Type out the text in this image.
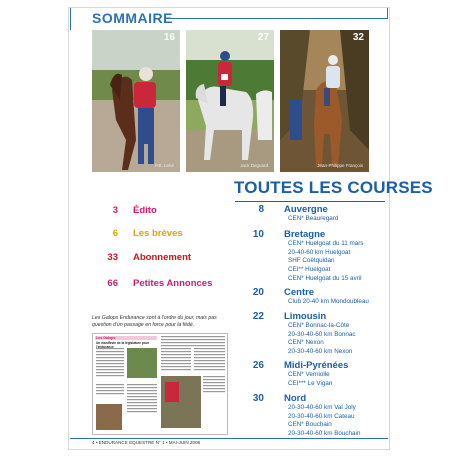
SOMMAIRE
16
P.B. Lehé
27
Jack Deguard
32
Jean-Philippe François
TOUTES LES COURSES
3 Édito
6 Les brèves
33 Abonnement
66 Petites Annonces
8 Auvergne
CEN* Beauregard
10 Bretagne
CEN* Huelgoat du 11 mars
20-40-60 km Huelgoat
SHF Coëtquidan
CEI** Huelgoat
CEN* Huelgoat du 15 avril
20 Centre
Club 20-40 km Mondoubleau
22 Limousin
CEN* Bonnac-la-Côte
20-30-40-60 km Bonnac
CEN* Nexon
20-30-40-60 km Nexon
26 Midi-Pyrénées
CEN* Verniolle
CEI*** Le Vigan
30 Nord
20-30-40-60 km Val Joly
20-30-40-60 km Cateau
CEN* Bouchain
20-30-40-60 km Bouchain
Les Galops Endurance sont à l'ordre du jour, mais pas question d'un passage en force pour la fédé.
Les Galops
Un manifeste de la législature pour l'endurance
4 • ENDURANCE EQUESTRE N° 1 • MAI-JUIN 2006
